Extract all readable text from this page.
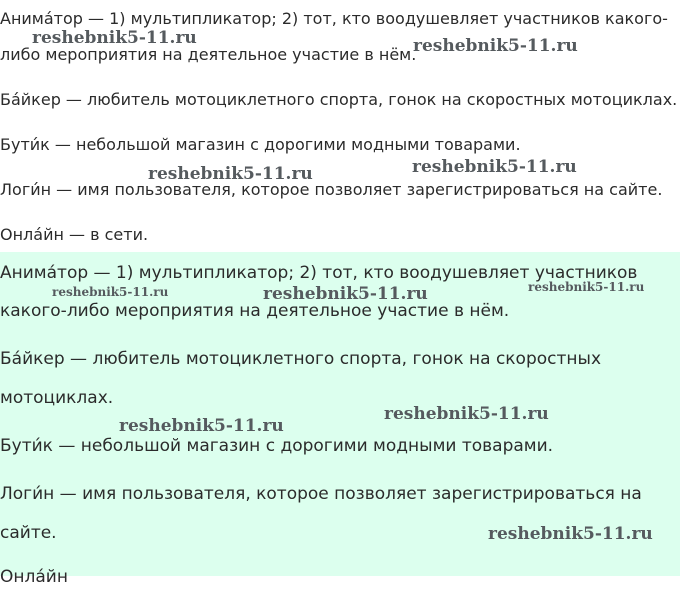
Анима́тор — 1) мультипликатор; 2) тот, кто воодушевляет участников какого-
либо мероприятия на деятельное участие в нём.
Ба́йкер — любитель мотоциклетного спорта, гонок на скоростных мотоциклах.
Бути́к — небольшой магазин с дорогими модными товарами.
Логи́н — имя пользователя, которое позволяет зарегистрироваться на сайте.
Онла́йн — в сети.
reshebnik5-11.ru	reshebnik5-11.ru
reshebnik5-11.ru	reshebnik5-11.ru
Анима́тор — 1) мультипликатор; 2) тот, кто воодушевляет участников
какого-либо мероприятия на деятельное участие в нём.
Ба́йкер — любитель мотоциклетного спорта, гонок на скоростных
мотоциклах.
Бути́к — небольшой магазин с дорогими модными товарами.
Логи́н — имя пользователя, которое позволяет зарегистрироваться на
сайте.
reshebnik5-11.ru	reshebnik5-11.ru	reshebnik5-11.ru
reshebnik5-11.ru
reshebnik5-11.ru
reshebnik5-11.ru
Онла́йн
